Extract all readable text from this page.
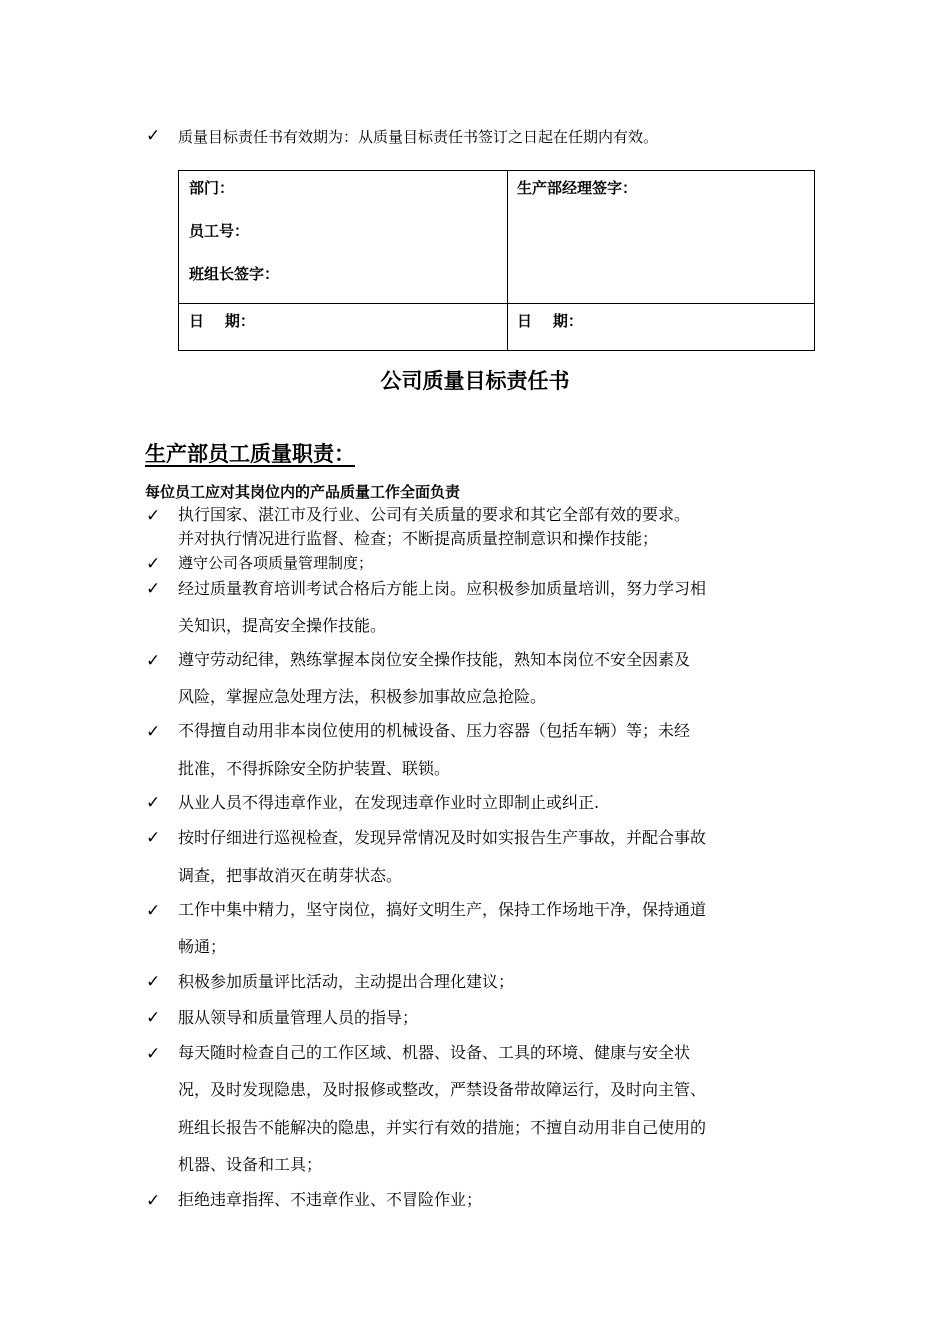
✓ 质量目标责任书有效期为：从质量目标责任书签订之日起在任期内有效。
部门：
员工号：
班组长签字：
生产部经理签字：
日    期：	日    期：
公司质量目标责任书
生产部员工质量职责：
每位员工应对其岗位内的产品质量工作全面负责
✓ 执行国家、湛江市及行业、公司有关质量的要求和其它全部有效的要求。
并对执行情况进行监督、检查；不断提高质量控制意识和操作技能；
✓ 遵守公司各项质量管理制度；
✓ 经过质量教育培训考试合格后方能上岗。应积极参加质量培训，努力学习相
关知识，提高安全操作技能。
✓ 遵守劳动纪律，熟练掌握本岗位安全操作技能，熟知本岗位不安全因素及
风险，掌握应急处理方法，积极参加事故应急抢险。
✓ 不得擅自动用非本岗位使用的机械设备、压力容器（包括车辆）等；未经
批准，不得拆除安全防护装置、联锁。
✓ 从业人员不得违章作业，在发现违章作业时立即制止或纠正.
✓ 按时仔细进行巡视检查，发现异常情况及时如实报告生产事故，并配合事故
调查，把事故消灭在萌芽状态。
✓ 工作中集中精力，坚守岗位，搞好文明生产，保持工作场地干净，保持通道
畅通；
✓ 积极参加质量评比活动，主动提出合理化建议；
✓ 服从领导和质量管理人员的指导；
✓ 每天随时检查自己的工作区域、机器、设备、工具的环境、健康与安全状
况，及时发现隐患，及时报修或整改，严禁设备带故障运行，及时向主管、
班组长报告不能解决的隐患，并实行有效的措施；不擅自动用非自己使用的
机器、设备和工具；
✓ 拒绝违章指挥、不违章作业、不冒险作业；
